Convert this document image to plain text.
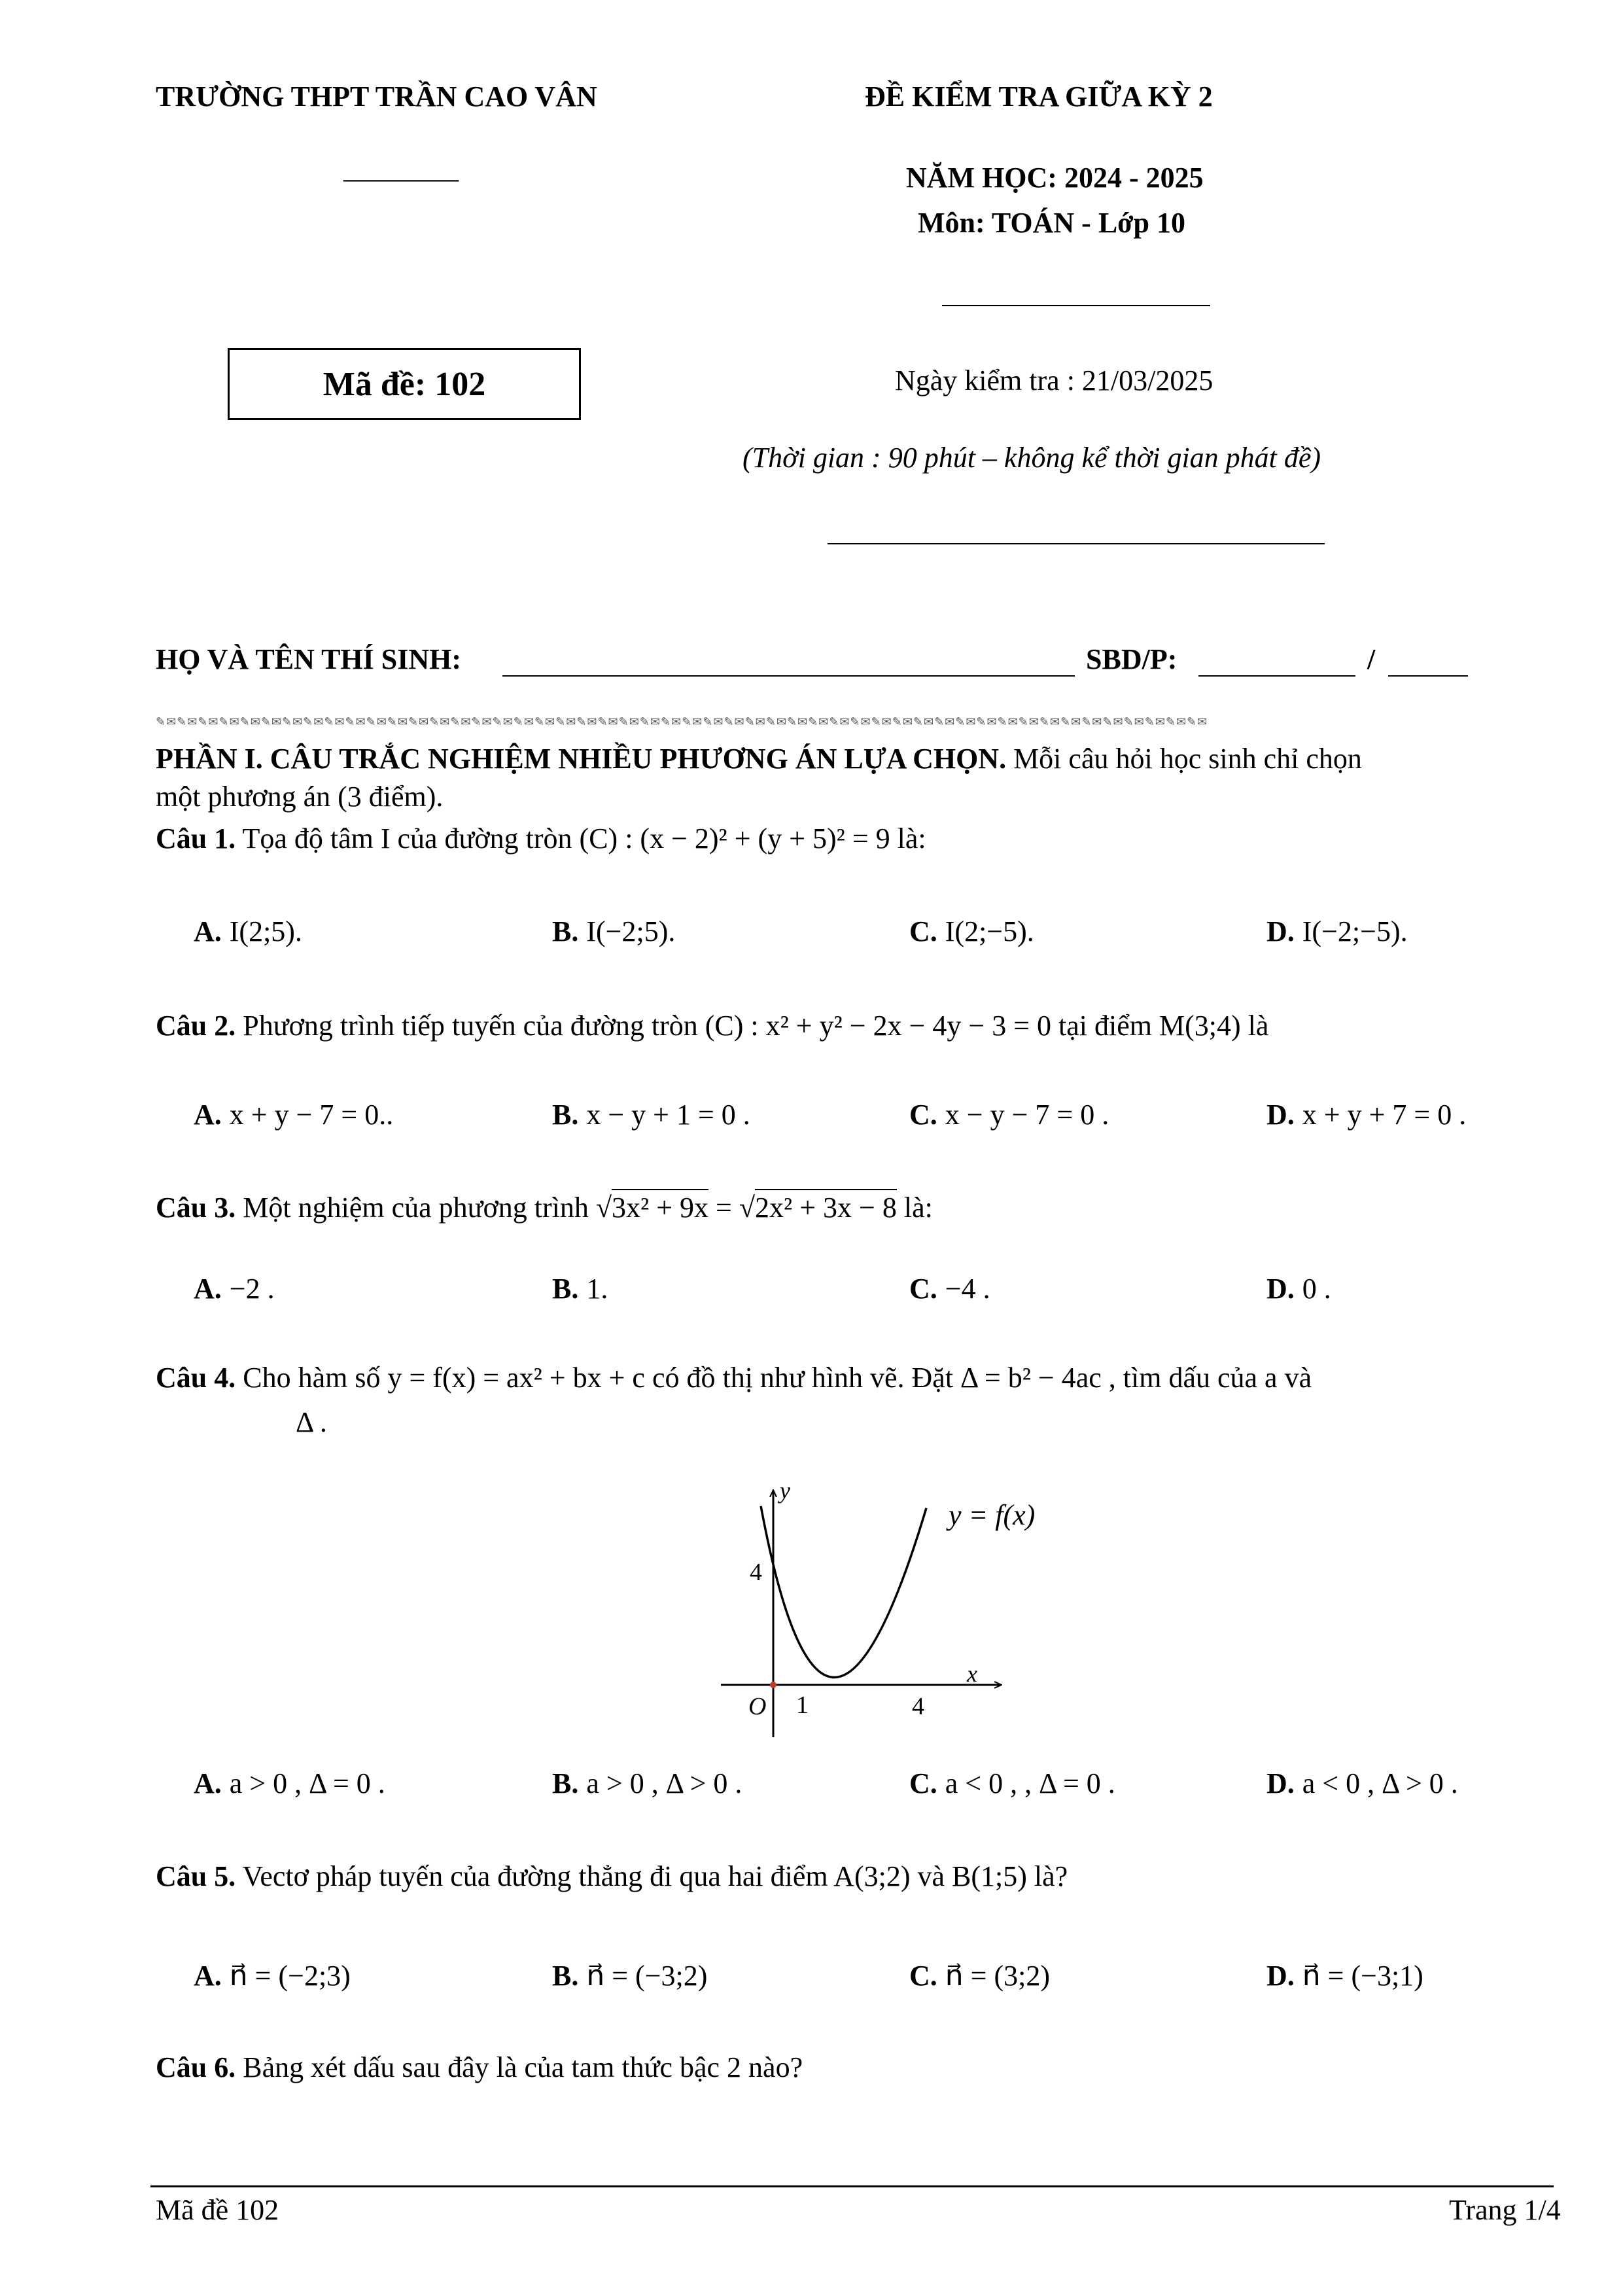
TRƯỜNG THPT TRẦN CAO VÂN
________
ĐỀ KIỂM TRA GIỮA KỲ 2
NĂM HỌC: 2024 - 2025
Môn: TOÁN - Lớp 10
Mã đề: 102	Ngày kiểm tra : 21/03/2025
(Thời gian : 90 phút – không kể thời gian phát đề)
HỌ VÀ TÊN THÍ SINH:	SBD/P:	/
✎✉✎✉✎✉✎✉✎✉✎✉✎✉✎✉✎✉✎✉✎✉✎✉✎✉✎✉✎✉✎✉✎✉✎✉✎✉✎✉✎✉✎✉✎✉✎✉✎✉✎✉✎✉✎✉✎✉✎✉✎✉✎✉✎✉✎✉✎✉✎✉✎✉✎✉✎✉✎✉✎✉✎✉✎✉✎✉✎✉✎✉✎✉✎✉✎✉✎✉
PHẦN I. CÂU TRẮC NGHIỆM NHIỀU PHƯƠNG ÁN LỰA CHỌN. Mỗi câu hỏi học sinh chỉ chọn
một phương án (3 điểm).
Câu 1. Tọa độ tâm I của đường tròn (C) : (x − 2)² + (y + 5)² = 9 là:
A. I(2;5).	B. I(−2;5).	C. I(2;−5).	D. I(−2;−5).
Câu 2. Phương trình tiếp tuyến của đường tròn (C) : x² + y² − 2x − 4y − 3 = 0 tại điểm M(3;4) là
A. x + y − 7 = 0..	B. x − y + 1 = 0 .	C. x − y − 7 = 0 .	D. x + y + 7 = 0 .
Câu 3. Một nghiệm của phương trình √3x² + 9x = √2x² + 3x − 8 là:
A. −2 .	B. 1.	C. −4 .	D. 0 .
Câu 4. Cho hàm số y = f(x) = ax² + bx + c có đồ thị như hình vẽ. Đặt Δ = b² − 4ac , tìm dấu của a và
Δ .
y
x
O
4
1	4
y = f(x)
A. a > 0 , Δ = 0 .	B. a > 0 , Δ > 0 .	C. a < 0 , , Δ = 0 .	D. a < 0 , Δ > 0 .
Câu 5. Vectơ pháp tuyến của đường thẳng đi qua hai điểm A(3;2) và B(1;5) là?
A. n⃗ = (−2;3)	B. n⃗ = (−3;2)	C. n⃗ = (3;2)	D. n⃗ = (−3;1)
Câu 6. Bảng xét dấu sau đây là của tam thức bậc 2 nào?
Mã đề 102	Trang 1/4
